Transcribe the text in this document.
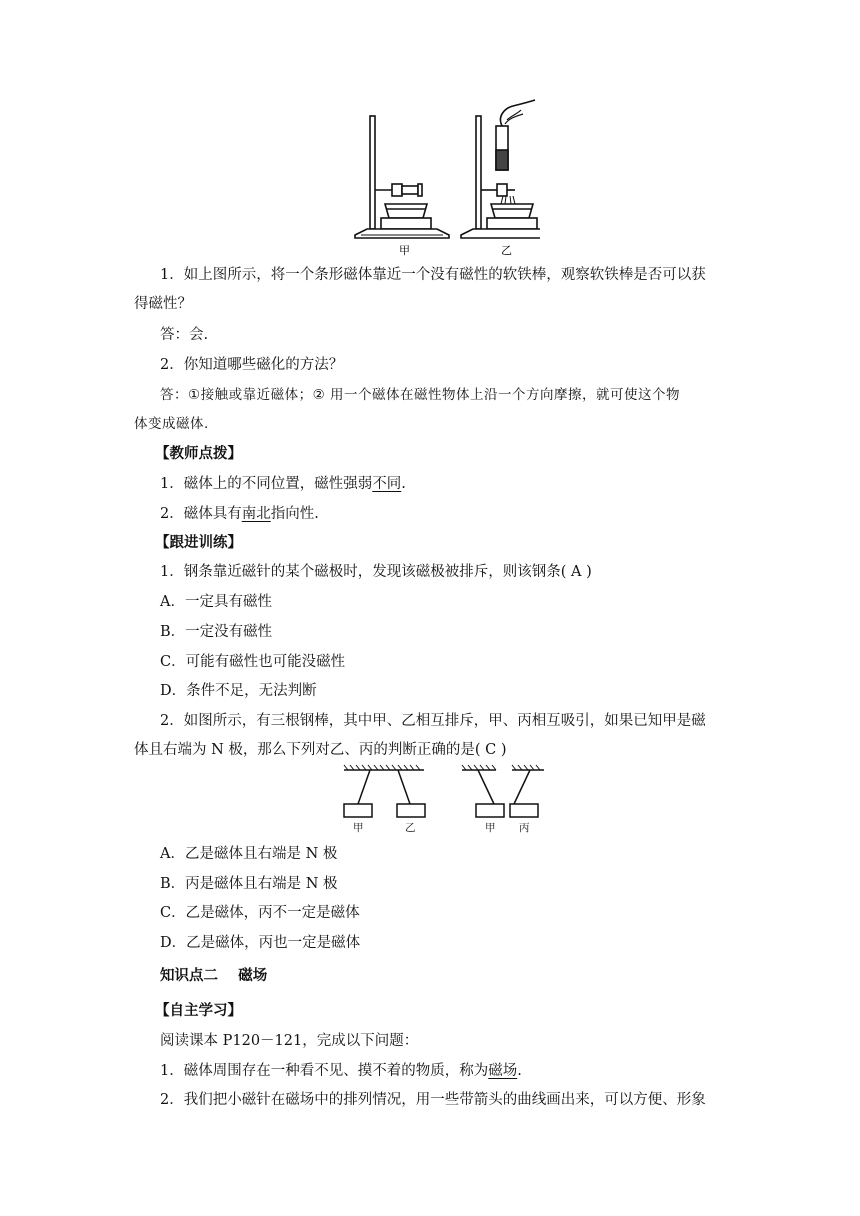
甲	乙
1．如上图所示，将一个条形磁体靠近一个没有磁性的软铁棒，观察软铁棒是否可以获
得磁性？
答：会.
2．你知道哪些磁化的方法？
答：①接触或靠近磁体；② 用一个磁体在磁性物体上沿一个方向摩擦，就可使这个物
体变成磁体.
【教师点拨】
1．磁体上的不同位置，磁性强弱不同.
2．磁体具有南北指向性.
【跟进训练】
1．钢条靠近磁针的某个磁极时，发现该磁极被排斥，则该钢条( A )
A．一定具有磁性
B．一定没有磁性
C．可能有磁性也可能没磁性
D．条件不足，无法判断
2．如图所示，有三根钢棒，其中甲、乙相互排斥，甲、丙相互吸引，如果已知甲是磁
体且右端为 N 极，那么下列对乙、丙的判断正确的是( C )
甲	乙	甲 丙
A．乙是磁体且右端是 N 极
B．丙是磁体且右端是 N 极
C．乙是磁体，丙不一定是磁体
D．乙是磁体，丙也一定是磁体
知识点二    磁场
【自主学习】
阅读课本 P120－121，完成以下问题：
1．磁体周围存在一种看不见、摸不着的物质，称为磁场.
2．我们把小磁针在磁场中的排列情况，用一些带箭头的曲线画出来，可以方便、形象
